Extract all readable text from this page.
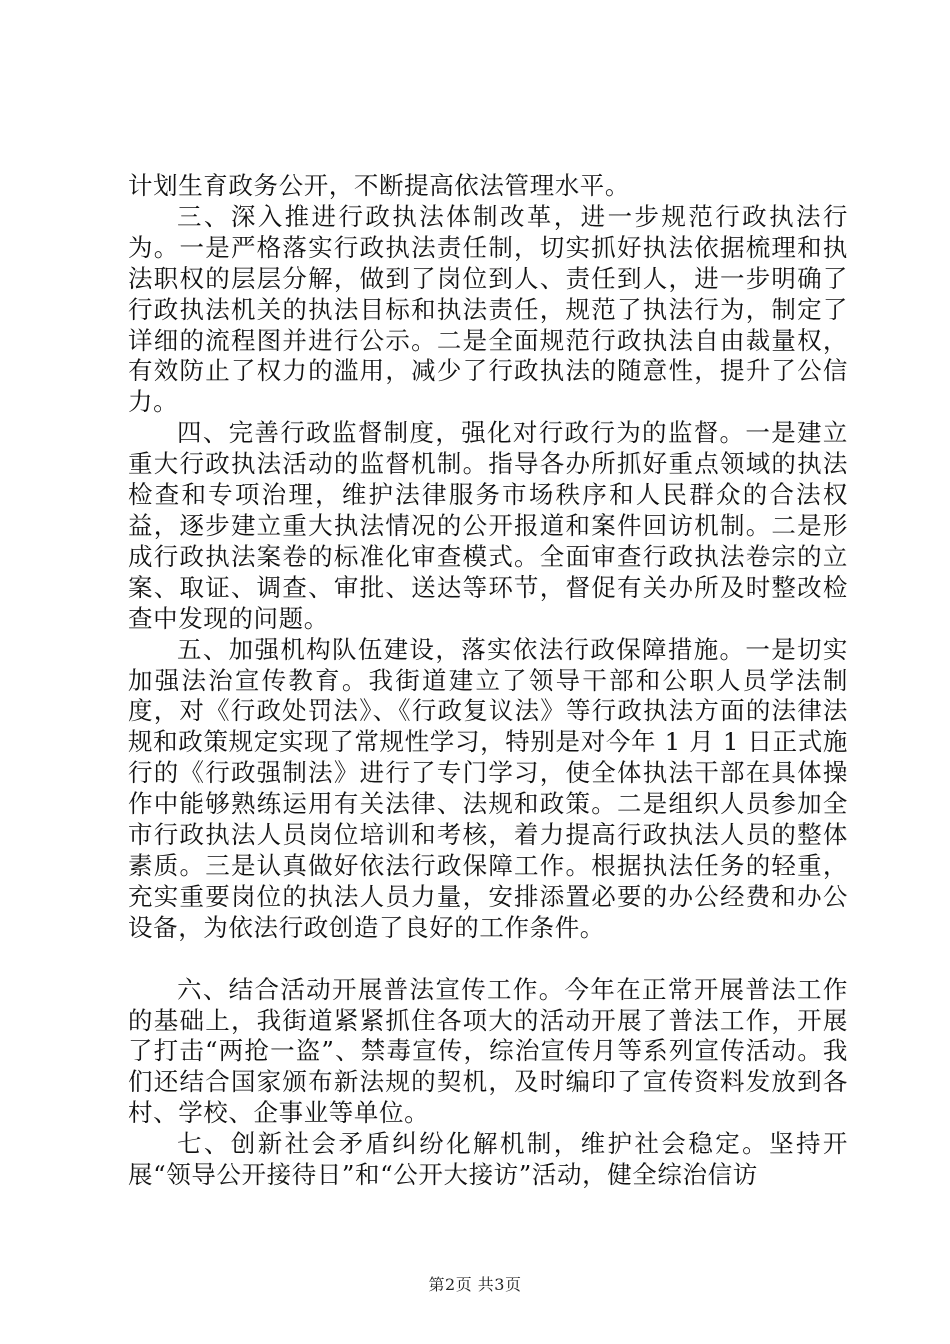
计划生育政务公开，不断提高依法管理水平。

三、深入推进行政执法体制改革，进一步规范行政执法行为。一是严格落实行政执法责任制，切实抓好执法依据梳理和执法职权的层层分解，做到了岗位到人、责任到人，进一步明确了行政执法机关的执法目标和执法责任，规范了执法行为，制定了详细的流程图并进行公示。二是全面规范行政执法自由裁量权，有效防止了权力的滥用，减少了行政执法的随意性，提升了公信力。

四、完善行政监督制度，强化对行政行为的监督。一是建立重大行政执法活动的监督机制。指导各办所抓好重点领域的执法检查和专项治理，维护法律服务市场秩序和人民群众的合法权益，逐步建立重大执法情况的公开报道和案件回访机制。二是形成行政执法案卷的标准化审查模式。全面审查行政执法卷宗的立案、取证、调查、审批、送达等环节，督促有关办所及时整改检查中发现的问题。

五、加强机构队伍建设，落实依法行政保障措施。一是切实加强法治宣传教育。我街道建立了领导干部和公职人员学法制度，对《行政处罚法》、《行政复议法》等行政执法方面的法律法规和政策规定实现了常规性学习，特别是对今年 1 月 1 日正式施行的《行政强制法》进行了专门学习，使全体执法干部在具体操作中能够熟练运用有关法律、法规和政策。二是组织人员参加全市行政执法人员岗位培训和考核，着力提高行政执法人员的整体素质。三是认真做好依法行政保障工作。根据执法任务的轻重，充实重要岗位的执法人员力量，安排添置必要的办公经费和办公设备，为依法行政创造了良好的工作条件。

六、结合活动开展普法宣传工作。今年在正常开展普法工作的基础上，我街道紧紧抓住各项大的活动开展了普法工作，开展了打击“两抢一盗”、禁毒宣传，综治宣传月等系列宣传活动。我们还结合国家颁布新法规的契机，及时编印了宣传资料发放到各村、学校、企事业等单位。

七、创新社会矛盾纠纷化解机制，维护社会稳定。坚持开展“领导公开接待日”和“公开大接访”活动，健全综治信访

第2页 共3页
